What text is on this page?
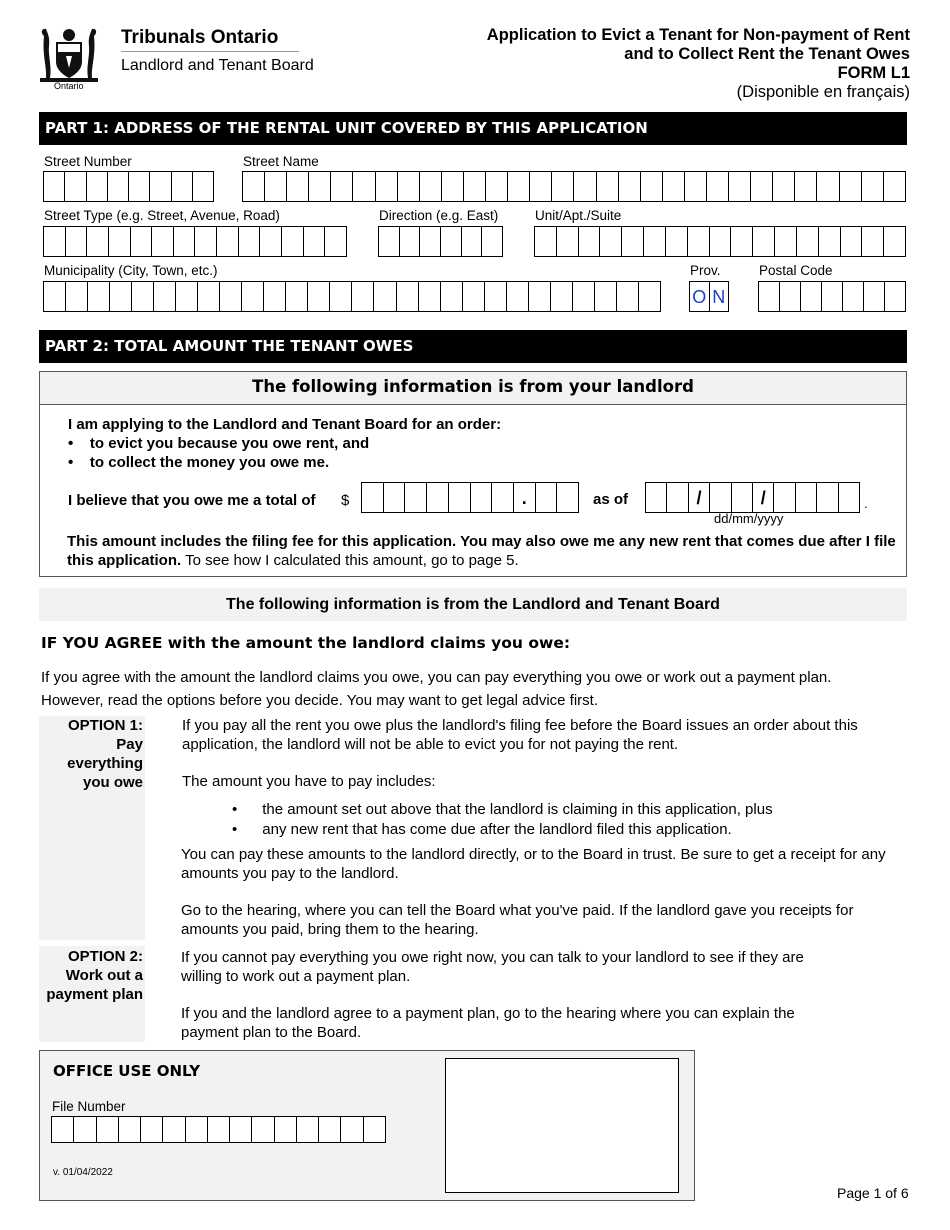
Ontario
Tribunals Ontario
Landlord and Tenant Board
Application to Evict a Tenant for Non-payment of Rent
and to Collect Rent the Tenant Owes
FORM L1
(Disponible en français)
PART 1: ADDRESS OF THE RENTAL UNIT COVERED BY THIS APPLICATION
Street Number	Street Name
Street Type (e.g. Street, Avenue, Road)	Direction (e.g. East)	Unit/Apt./Suite
Municipality (City, Town, etc.)	Prov.	Postal Code
O N
PART 2: TOTAL AMOUNT THE TENANT OWES
The following information is from your landlord
I am applying to the Landlord and Tenant Board for an order:
•    to evict you because you owe rent, and
•    to collect the money you owe me.
I believe that you owe me a total of $	.	as of	/	/	.
dd/mm/yyyy
This amount includes the filing fee for this application. You may also owe me any new rent that comes due after I file this application. To see how I calculated this amount, go to page 5.
The following information is from the Landlord and Tenant Board
IF YOU AGREE with the amount the landlord claims you owe:
If you agree with the amount the landlord claims you owe, you can pay everything you owe or work out a payment plan.
However, read the options before you decide. You may want to get legal advice first.
OPTION 1:
Pay
everything
you owe
If you pay all the rent you owe plus the landlord's filing fee before the Board issues an order about this application, the landlord will not be able to evict you for not paying the rent.
The amount you have to pay includes:
•      the amount set out above that the landlord is claiming in this application, plus
•      any new rent that has come due after the landlord filed this application.
You can pay these amounts to the landlord directly, or to the Board in trust. Be sure to get a receipt for any amounts you pay to the landlord.
Go to the hearing, where you can tell the Board what you've paid. If the landlord gave you receipts for amounts you paid, bring them to the hearing.
OPTION 2:
Work out a
payment plan
If you cannot pay everything you owe right now, you can talk to your landlord to see if they are willing to work out a payment plan.
If you and the landlord agree to a payment plan, go to the hearing where you can explain the payment plan to the Board.
OFFICE USE ONLY
File Number
v. 01/04/2022
Page 1 of 6
